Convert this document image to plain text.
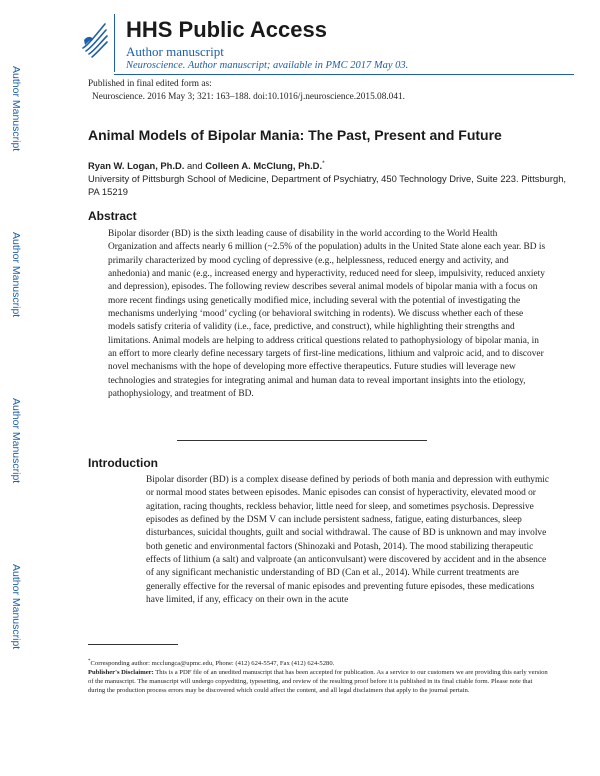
Author Manuscript
Author Manuscript
Author Manuscript
Author Manuscript
HHS Public Access
Author manuscript
Neuroscience. Author manuscript; available in PMC 2017 May 03.
Published in final edited form as:
Neuroscience. 2016 May 3; 321: 163–188. doi:10.1016/j.neuroscience.2015.08.041.
Animal Models of Bipolar Mania: The Past, Present and Future
Ryan W. Logan, Ph.D. and Colleen A. McClung, Ph.D.*
University of Pittsburgh School of Medicine, Department of Psychiatry, 450 Technology Drive, Suite 223. Pittsburgh, PA 15219
Abstract
Bipolar disorder (BD) is the sixth leading cause of disability in the world according to the World Health Organization and affects nearly 6 million (~2.5% of the population) adults in the United State alone each year. BD is primarily characterized by mood cycling of depressive (e.g., helplessness, reduced energy and activity, and anhedonia) and manic (e.g., increased energy and hyperactivity, reduced need for sleep, impulsivity, reduced anxiety and depression), episodes. The following review describes several animal models of bipolar mania with a focus on more recent findings using genetically modified mice, including several with the potential of investigating the mechanisms underlying ‘mood’ cycling (or behavioral switching in rodents). We discuss whether each of these models satisfy criteria of validity (i.e., face, predictive, and construct), while highlighting their strengths and limitations. Animal models are helping to address critical questions related to pathophysiology of bipolar mania, in an effort to more clearly define necessary targets of first-line medications, lithium and valproic acid, and to discover novel mechanisms with the hope of developing more effective therapeutics. Future studies will leverage new technologies and strategies for integrating animal and human data to reveal important insights into the etiology, pathophysiology, and treatment of BD.
Introduction
Bipolar disorder (BD) is a complex disease defined by periods of both mania and depression with euthymic or normal mood states between episodes. Manic episodes can consist of hyperactivity, elevated mood or agitation, racing thoughts, reckless behavior, little need for sleep, and sometimes psychosis. Depressive episodes as defined by the DSM V can include persistent sadness, fatigue, eating disturbances, sleep disturbances, suicidal thoughts, guilt and social withdrawal. The cause of BD is unknown and may involve both genetic and environmental factors (Shinozaki and Potash, 2014). The mood stabilizing therapeutic effects of lithium (a salt) and valproate (an anticonvulsant) were discovered by accident and in the absence of any significant mechanistic understanding of BD (Can et al., 2014). While current treatments are generally effective for the reversal of manic episodes and preventing future episodes, these medications have limited, if any, efficacy on their own in the acute
*Corresponding author: mcclungca@upmc.edu, Phone: (412) 624-5547, Fax (412) 624-5280.
Publisher's Disclaimer: This is a PDF file of an unedited manuscript that has been accepted for publication. As a service to our customers we are providing this early version of the manuscript. The manuscript will undergo copyediting, typesetting, and review of the resulting proof before it is published in its final citable form. Please note that during the production process errors may be discovered which could affect the content, and all legal disclaimers that apply to the journal pertain.
